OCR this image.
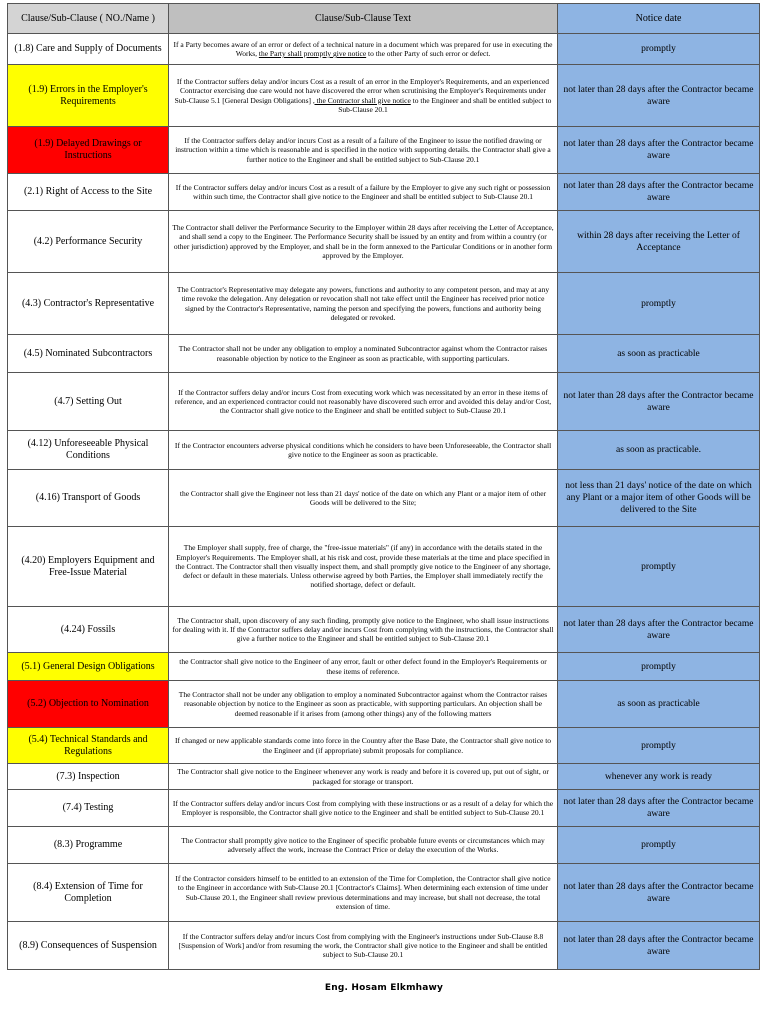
Clause/Sub-Clause ( NO./Name )	Clause/Sub-Clause Text	Notice date
(1.8) Care and Supply of Documents	If a Party becomes aware of an error or defect of a technical nature in a document which was prepared for use in executing the Works, the Party shall promptly give notice to the other Party of such error or defect.	promptly
(1.9) Errors in the Employer's Requirements	If the Contractor suffers delay and/or incurs Cost as a result of an error in the Employer's Requirements, and an experienced Contractor exercising due care would not have discovered the error when scrutinising the Employer's Requirements under Sub-Clause 5.1 [General Design Obligations] , the Contractor shall give notice to the Engineer and shall be entitled subject to Sub-Clause 20.1	not later than 28 days after the Contractor became aware
(1.9) Delayed Drawings or Instructions	If the Contractor suffers delay and/or incurs Cost as a result of a failure of the Engineer to issue the notified drawing or instruction within a time which is reasonable and is specified in the notice with supporting details. the Contractor shall give a further notice to the Engineer and shall be entitled subject to Sub-Clause 20.1	not later than 28 days after the Contractor became aware
(2.1) Right of Access to the Site	If the Contractor suffers delay and/or incurs Cost as a result of a failure by the Employer to give any such right or possession within such time, the Contractor shall give notice to the Engineer and shall be entitled subject to Sub-Clause 20.1	not later than 28 days after the Contractor became aware
(4.2) Performance Security	The Contractor shall deliver the Performance Security to the Employer within 28 days after receiving the Letter of Acceptance, and shall send a copy to the Engineer. The Performance Security shall be issued by an entity and from within a country (or other jurisdiction) approved by the Employer, and shall be in the form annexed to the Particular Conditions or in another form approved by the Employer.	within 28 days after receiving the Letter of Acceptance
(4.3) Contractor's Representative	The Contractor's Representative may delegate any powers, functions and authority to any competent person, and may at any time revoke the delegation. Any delegation or revocation shall not take effect until the Engineer has received prior notice signed by the Contractor's Representative, naming the person and specifying the powers, functions and authority being delegated or revoked.	promptly
(4.5) Nominated Subcontractors	The Contractor shall not be under any obligation to employ a nominated Subcontractor against whom the Contractor raises reasonable objection by notice to the Engineer as soon as practicable, with supporting particulars.	as soon as practicable
(4.7) Setting Out	If the Contractor suffers delay and/or incurs Cost from executing work which was necessitated by an error in these items of reference, and an experienced contractor could not reasonably have discovered such error and avoided this delay and/or Cost, the Contractor shall give notice to the Engineer and shall be entitled subject to Sub-Clause 20.1	not later than 28 days after the Contractor became aware
(4.12) Unforeseeable Physical Conditions	If the Contractor encounters adverse physical conditions which he considers to have been Unforeseeable, the Contractor shall give notice to the Engineer as soon as practicable.	as soon as practicable.
(4.16) Transport of Goods	the Contractor shall give the Engineer not less than 21 days' notice of the date on which any Plant or a major item of other Goods will be delivered to the Site;	not less than 21 days' notice of the date on which any Plant or a major item of other Goods will be delivered to the Site
(4.20) Employers Equipment and Free-Issue Material	The Employer shall supply, free of charge, the "free-issue materials" (if any) in accordance with the details stated in the Employer's Requirements. The Employer shall, at his risk and cost, provide these materials at the time and place specified in the Contract. The Contractor shall then visually inspect them, and shall promptly give notice to the Engineer of any shortage, defect or default in these materials. Unless otherwise agreed by both Parties, the Employer shall immediately rectify the notified shortage, defect or default.	promptly
(4.24) Fossils	The Contractor shall, upon discovery of any such finding, promptly give notice to the Engineer, who shall issue instructions for dealing with it. If the Contractor suffers delay and/or incurs Cost from complying with the instructions, the Contractor shall give a further notice to the Engineer and shall be entitled subject to Sub-Clause 20.1	not later than 28 days after the Contractor became aware
(5.1) General Design Obligations	the Contractor shall give notice to the Engineer of any error, fault or other defect found in the Employer's Requirements or these items of reference.	promptly
(5.2) Objection to Nomination	The Contractor shall not be under any obligation to employ a nominated Subcontractor against whom the Contractor raises reasonable objection by notice to the Engineer as soon as practicable, with supporting particulars. An objection shall be deemed reasonable if it arises from (among other things) any of the following matters	as soon as practicable
(5.4) Technical Standards and Regulations	If changed or new applicable standards come into force in the Country after the Base Date, the Contractor shall give notice to the Engineer and (if appropriate) submit proposals for compliance.	promptly
(7.3) Inspection	The Contractor shall give notice to the Engineer whenever any work is ready and before it is covered up, put out of sight, or packaged for storage or transport.	whenever any work is ready
(7.4) Testing	If the Contractor suffers delay and/or incurs Cost from complying with these instructions or as a result of a delay for which the Employer is responsible, the Contractor shall give notice to the Engineer and shall be entitled subject to Sub-Clause 20.1	not later than 28 days after the Contractor became aware
(8.3) Programme	The Contractor shall promptly give notice to the Engineer of specific probable future events or circumstances which may adversely affect the work, increase the Contract Price or delay the execution of the Works.	promptly
(8.4) Extension of Time for Completion	If the Contractor considers himself to be entitled to an extension of the Time for Completion, the Contractor shall give notice to the Engineer in accordance with Sub-Clause 20.1 [Contractor's Claims]. When determining each extension of time under Sub-Clause 20.1, the Engineer shall review previous determinations and may increase, but shall not decrease, the total extension of time.	not later than 28 days after the Contractor became aware
(8.9) Consequences of Suspension	If the Contractor suffers delay and/or incurs Cost from complying with the Engineer's instructions under Sub-Clause 8.8 [Suspension of Work] and/or from resuming the work, the Contractor shall give notice to the Engineer and shall be entitled subject to Sub-Clause 20.1	not later than 28 days after the Contractor became aware
Eng. Hosam Elkmhawy
